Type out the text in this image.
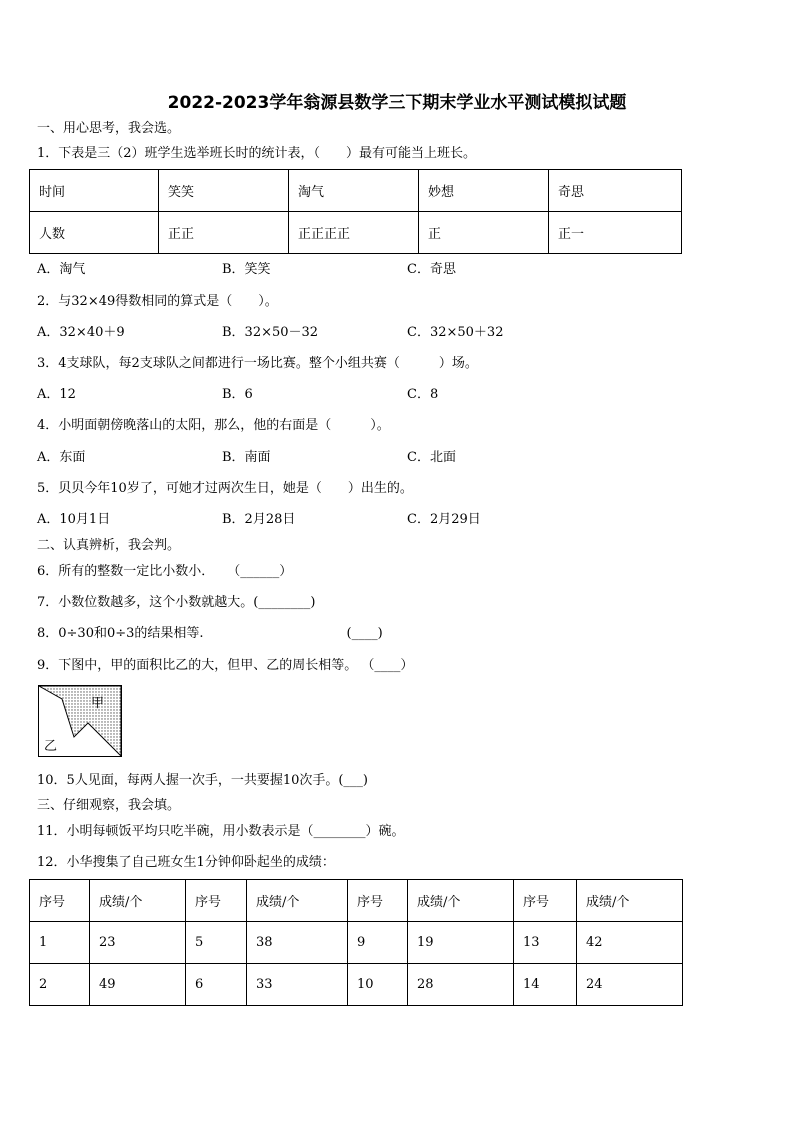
2022-2023学年翁源县数学三下期末学业水平测试模拟试题
一、用心思考，我会选。
1．下表是三（2）班学生选举班长时的统计表，（　　）最有可能当上班长。
时间	笑笑	淘气	妙想	奇思
人数	正正	正正正正	正	正一
A．淘气	B．笑笑	C．奇思
2．与32×49得数相同的算式是（　　）。
A．32×40＋9	B．32×50－32	C．32×50＋32
3．4支球队，每2支球队之间都进行一场比赛。整个小组共赛（　　　）场。
A．12	B．6	C．8
4．小明面朝傍晚落山的太阳，那么，他的右面是（　　　）。
A．东面	B．南面	C．北面
5．贝贝今年10岁了，可她才过两次生日，她是（　　）出生的。
A．10月1日	B．2月28日	C．2月29日
二、认真辨析，我会判。
6．所有的整数一定比小数小．　　（______）
7．小数位数越多，这个小数就越大。(________)
8．0÷30和0÷3的结果相等.　　　　　　　　　　　(____)
9．下图中，甲的面积比乙的大，但甲、乙的周长相等。 （____）
甲
乙
10．5人见面，每两人握一次手，一共要握10次手。(___)
三、仔细观察，我会填。
11．小明每顿饭平均只吃半碗，用小数表示是（________）碗。
12．小华搜集了自己班女生1分钟仰卧起坐的成绩：
序号	成绩/个	序号	成绩/个	序号	成绩/个	序号	成绩/个
1	23	5	38	9	19	13	42
2	49	6	33	10	28	14	24
